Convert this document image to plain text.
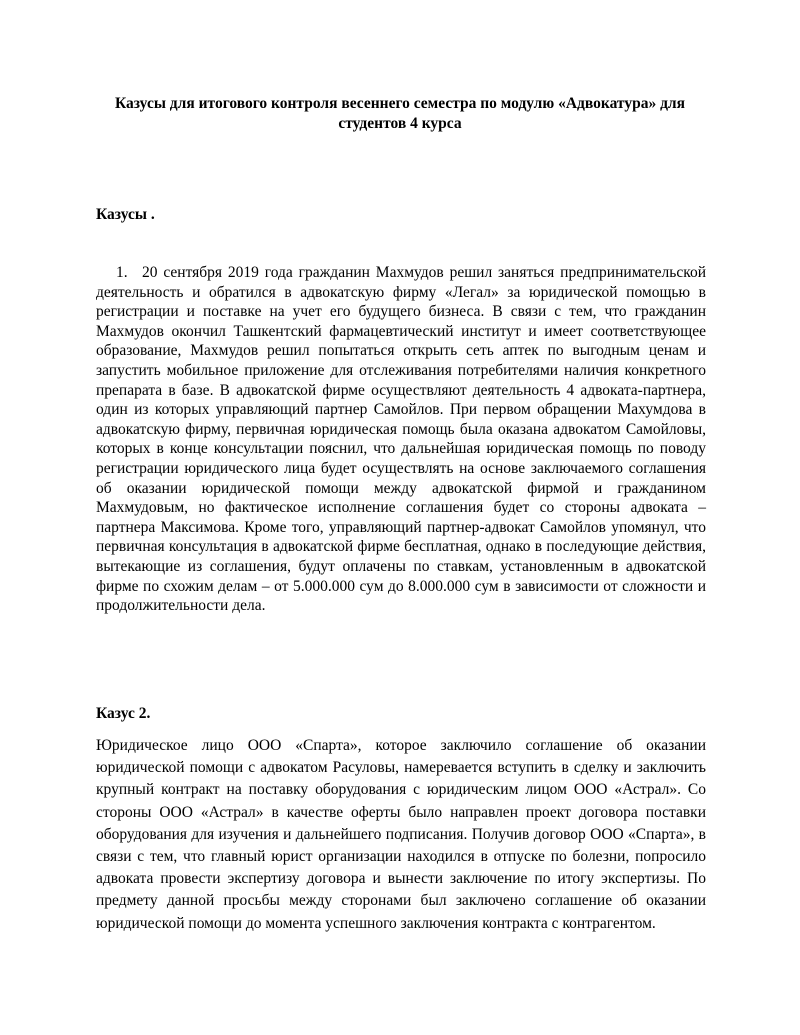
Казусы для итогового контроля весеннего семестра по модулю «Адвокатура» для студентов 4 курса
Казусы .
1. 20 сентября 2019 года гражданин Махмудов решил заняться предпринимательской деятельность и обратился в адвокатскую фирму «Легал» за юридической помощью в регистрации и поставке на учет его будущего бизнеса. В связи с тем, что гражданин Махмудов окончил Ташкентский фармацевтический институт и имеет соответствующее образование, Махмудов решил попытаться открыть сеть аптек по выгодным ценам и запустить мобильное приложение для отслеживания потребителями наличия конкретного препарата в базе. В адвокатской фирме осуществляют деятельность 4 адвоката-партнера, один из которых управляющий партнер Самойлов. При первом обращении Махумдова в адвокатскую фирму, первичная юридическая помощь была оказана адвокатом Самойловы, которых в конце консультации пояснил, что дальнейшая юридическая помощь по поводу регистрации юридического лица будет осуществлять на основе заключаемого соглашения об оказании юридической помощи между адвокатской фирмой и гражданином Махмудовым, но фактическое исполнение соглашения будет со стороны адвоката – партнера Максимова. Кроме того, управляющий партнер-адвокат Самойлов упомянул, что первичная консультация в адвокатской фирме бесплатная, однако в последующие действия, вытекающие из соглашения, будут оплачены по ставкам, установленным в адвокатской фирме по схожим делам – от 5.000.000 сум до 8.000.000 сум в зависимости от сложности и продолжительности дела.
Казус 2.
Юридическое лицо ООО «Спарта», которое заключило соглашение об оказании юридической помощи с адвокатом Расуловы, намеревается вступить в сделку и заключить крупный контракт на поставку оборудования с юридическим лицом ООО «Астрал». Со стороны ООО «Астрал» в качестве оферты было направлен проект договора поставки оборудования для изучения и дальнейшего подписания. Получив договор ООО «Спарта», в связи с тем, что главный юрист организации находился в отпуске по болезни, попросило адвоката провести экспертизу договора и вынести заключение по итогу экспертизы. По предмету данной просьбы между сторонами был заключено соглашение об оказании юридической помощи до момента успешного заключения контракта с контрагентом.
